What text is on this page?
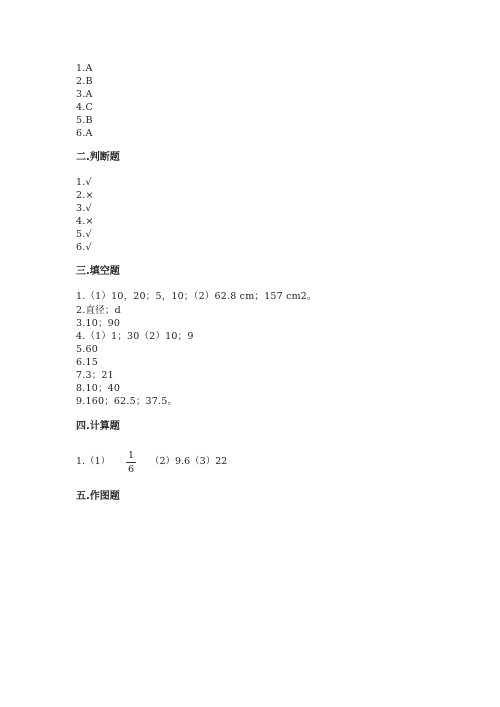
1.A
2.B
3.A
4.C
5.B
6.A
二.判断题
1.√
2.×
3.√
4.×
5.√
6.√
三.填空题
1.（1）10，20；5，10；（2）62.8 cm；157 cm2。
2.直径；d
3.10；90
4.（1）1；30（2）10；9
5.60
6.15
7.3；21
8.10；40
9.160；62.5；37.5。
四.计算题
1.（1）
1
6
（2）9.6（3）22
五.作图题
